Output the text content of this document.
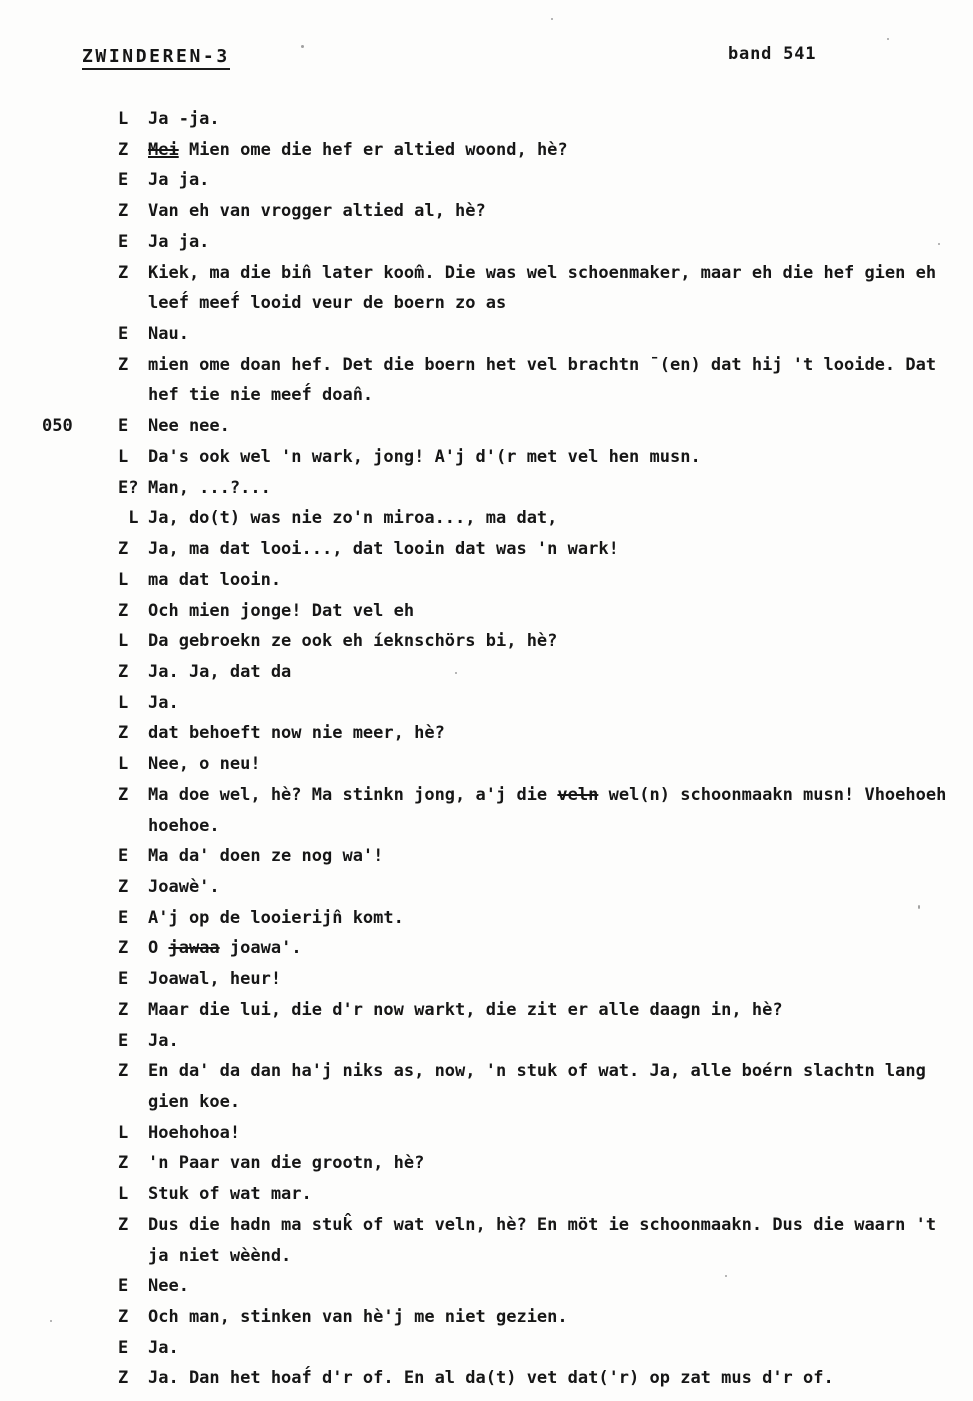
ZWINDEREN-3	band 541
L Ja -ja.
Z Mei Mien ome die hef er altied woond, hè?
E Ja ja.
Z Van eh van vrogger altied al, hè?
E Ja ja.
Z Kiek, ma die bin̂ later koom̂. Die was wel schoenmaker, maar eh die hef gien eh
leef́ meef́ looid veur de boern zo as
E Nau.
Z mien ome doan hef. Det die boern het vel brachtn ¯(en) dat hij 't looide. Dat
hef tie nie meef́ doan̂.
050	E Nee nee.
L Da's ook wel 'n wark, jong! A'j d'(r met vel hen musn.
E? Man, ...?...
L Ja, do(t) was nie zo'n miroa..., ma dat,
Z Ja, ma dat looi..., dat looin dat was 'n wark!
L ma dat looin.
Z Och mien jonge! Dat vel eh
L Da gebroekn ze ook eh íeknschörs bi, hè?
Z Ja. Ja, dat da
L Ja.
Z dat behoeft now nie meer, hè?
L Nee, o neu!
Z Ma doe wel, hè? Ma stinkn jong, a'j die veln wel(n) schoonmaakn musn! Vhoehoeh
hoehoe.
E Ma da' doen ze nog wa'!
Z Joawè'.
E A'j op de looierijn̂ komt.
Z O jawaa joawa'.
E Joawal, heur!
Z Maar die lui, die d'r now warkt, die zit er alle daagn in, hè?
E Ja.
Z En da' da dan ha'j niks as, now, 'n stuk of wat. Ja, alle boérn slachtn lang
gien koe.
L Hoehohoa!
Z 'n Paar van die grootn, hè?
L Stuk of wat mar.
Z Dus die hadn ma stuk̂ of wat veln, hè? En möt ie schoonmaakn. Dus die waarn 't
ja niet wèènd.
E Nee.
Z Och man, stinken van hè'j me niet gezien.
E Ja.
Z Ja. Dan het hoaf́ d'r of. En al da(t) vet dat('r) op zat mus d'r of.
